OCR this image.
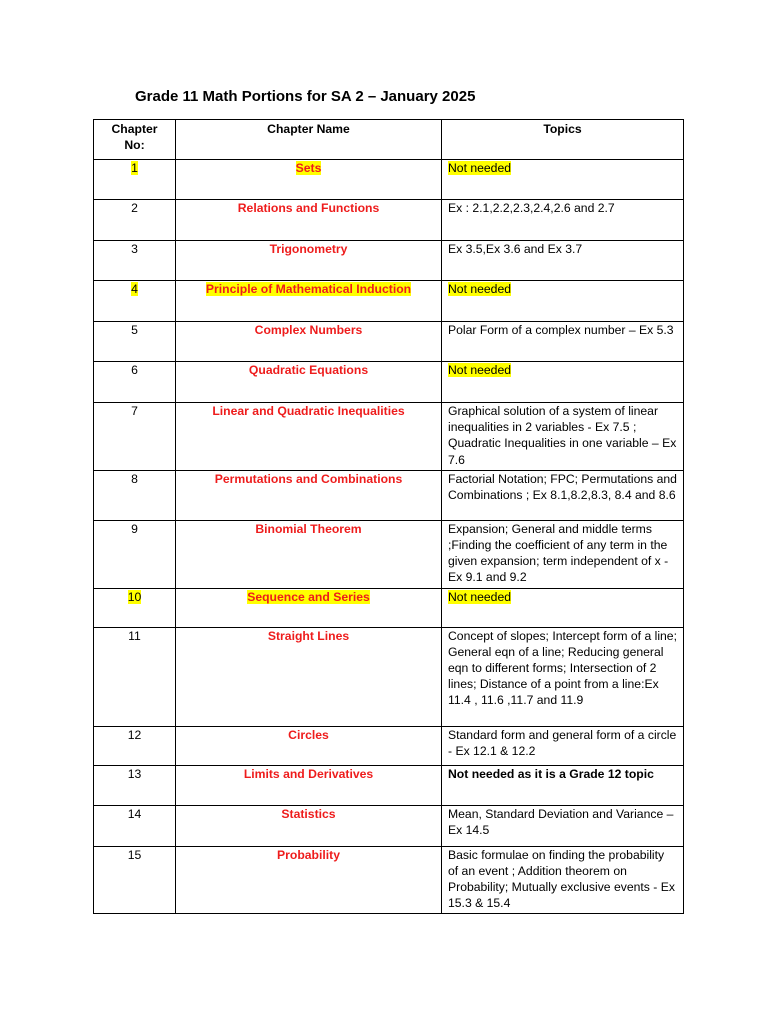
Grade 11 Math Portions for SA 2 – January 2025
Chapter No:	Chapter Name	Topics
1	Sets	Not needed
2	Relations and Functions	Ex : 2.1,2.2,2.3,2.4,2.6 and 2.7
3	Trigonometry	Ex 3.5,Ex 3.6 and Ex 3.7
4	Principle of Mathematical Induction	Not needed
5	Complex Numbers	Polar Form of a complex number – Ex 5.3
6	Quadratic Equations	Not needed
7	Linear and Quadratic Inequalities	Graphical solution of a system of linear inequalities in 2 variables - Ex 7.5 ; Quadratic Inequalities in one variable – Ex 7.6
8	Permutations and Combinations	Factorial Notation; FPC; Permutations and Combinations ; Ex 8.1,8.2,8.3, 8.4 and 8.6
9	Binomial Theorem	Expansion; General and middle terms ;Finding the coefficient of any term in the given expansion; term independent of x - Ex 9.1 and 9.2
10	Sequence and Series	Not needed
11	Straight Lines	Concept of slopes; Intercept form of a line; General eqn of a line; Reducing general eqn to different forms; Intersection of 2 lines; Distance of a point from a line:Ex 11.4 , 11.6 ,11.7 and 11.9
12	Circles	Standard form and general form of a circle - Ex 12.1 & 12.2
13	Limits and Derivatives	Not needed as it is a Grade 12 topic
14	Statistics	Mean, Standard Deviation and Variance – Ex 14.5
15	Probability	Basic formulae on finding the probability of an event ; Addition theorem on Probability; Mutually exclusive events - Ex 15.3 & 15.4
